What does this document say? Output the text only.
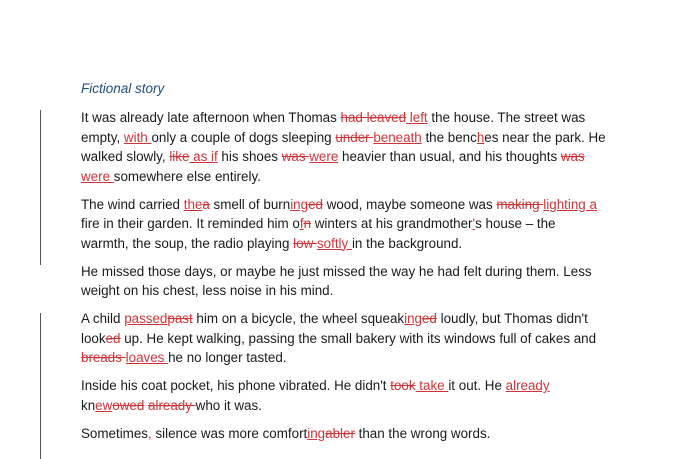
Fictional story
It was already late afternoon when Thomas had leaved left the house. The street was
empty, with only a couple of dogs sleeping under beneath the benches near the park. He
walked slowly, like as if his shoes was were heavier than usual, and his thoughts was
were somewhere else entirely.
The wind carried thea smell of burninged wood, maybe someone was making lighting a
fire in their garden. It reminded him ofn winters at his grandmother's house – the
warmth, the soup, the radio playing low softly in the background.
He missed those days, or maybe he just missed the way he had felt during them. Less
weight on his chest, less noise in his mind.
A child passedpast him on a bicycle, the wheel squeakinged loudly, but Thomas didn't
looked up. He kept walking, passing the small bakery with its windows full of cakes and
breads loaves he no longer tasted.
Inside his coat pocket, his phone vibrated. He didn't took take it out. He already
knewowed already who it was.
Sometimes, silence was more comfortingabler than the wrong words.
